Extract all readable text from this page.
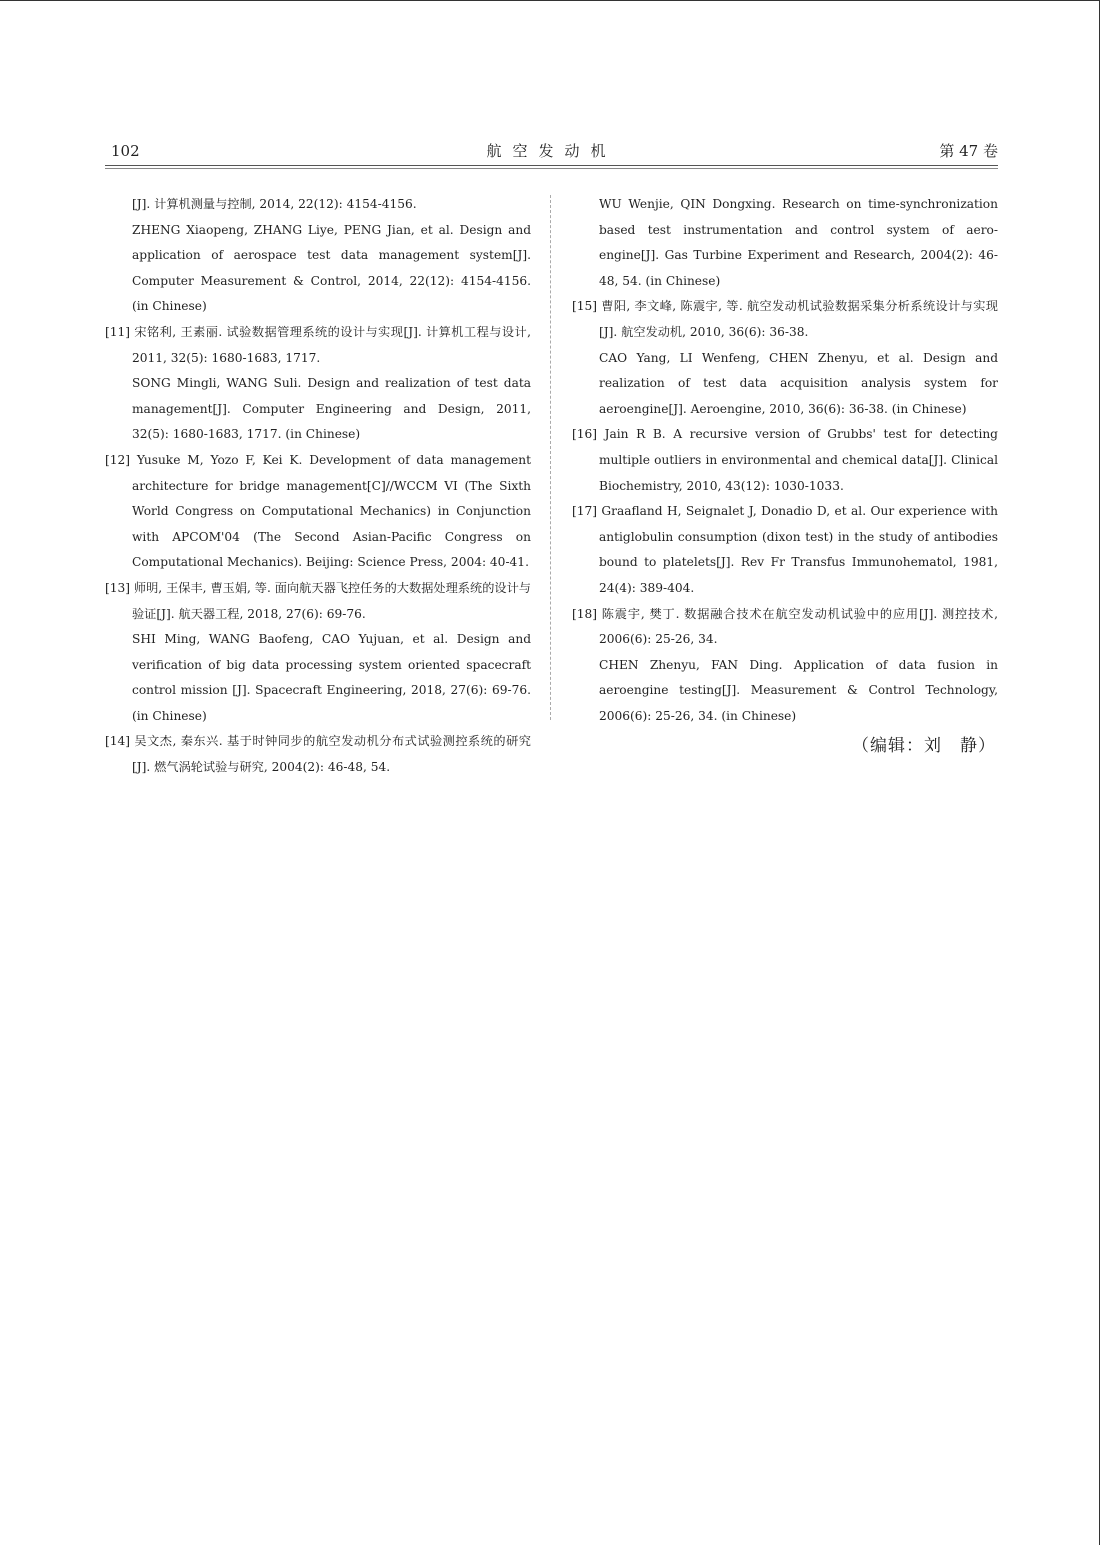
102	航空发动机	第 47 卷

[J]. 计算机测量与控制, 2014, 22(12): 4154-4156.

ZHENG Xiaopeng, ZHANG Liye, PENG Jian, et al. Design and application of aerospace test data management system[J]. Computer Measurement & Control, 2014, 22(12): 4154-4156. (in Chinese)

[11] 宋铭利, 王素丽. 试验数据管理系统的设计与实现[J]. 计算机工程与设计, 2011, 32(5): 1680-1683, 1717.

SONG Mingli, WANG Suli. Design and realization of test data management[J]. Computer Engineering and Design, 2011, 32(5): 1680-1683, 1717. (in Chinese)

[12] Yusuke M, Yozo F, Kei K. Development of data management architecture for bridge management[C]//WCCM VI (The Sixth World Congress on Computational Mechanics) in Conjunction with APCOM'04 (The Second Asian-Pacific Congress on Computational Mechanics). Beijing: Science Press, 2004: 40-41.

[13] 师明, 王保丰, 曹玉娟, 等. 面向航天器飞控任务的大数据处理系统的设计与验证[J]. 航天器工程, 2018, 27(6): 69-76.

SHI Ming, WANG Baofeng, CAO Yujuan, et al. Design and verification of big data processing system oriented spacecraft control mission [J]. Spacecraft Engineering, 2018, 27(6): 69-76. (in Chinese)

[14] 吴文杰, 秦东兴. 基于时钟同步的航空发动机分布式试验测控系统的研究[J]. 燃气涡轮试验与研究, 2004(2): 46-48, 54.

WU Wenjie, QIN Dongxing. Research on time-synchronization based test instrumentation and control system of aero-engine[J]. Gas Turbine Experiment and Research, 2004(2): 46-48, 54. (in Chinese)

[15] 曹阳, 李文峰, 陈震宇, 等. 航空发动机试验数据采集分析系统设计与实现[J]. 航空发动机, 2010, 36(6): 36-38.

CAO Yang, LI Wenfeng, CHEN Zhenyu, et al. Design and realization of test data acquisition analysis system for aeroengine[J]. Aeroengine, 2010, 36(6): 36-38. (in Chinese)

[16] Jain R B. A recursive version of Grubbs' test for detecting multiple outliers in environmental and chemical data[J]. Clinical Biochemistry, 2010, 43(12): 1030-1033.

[17] Graafland H, Seignalet J, Donadio D, et al. Our experience with antiglobulin consumption (dixon test) in the study of antibodies bound to platelets[J]. Rev Fr Transfus Immunohematol, 1981, 24(4): 389-404.

[18] 陈震宇, 樊丁. 数据融合技术在航空发动机试验中的应用[J]. 测控技术, 2006(6): 25-26, 34.

CHEN Zhenyu, FAN Ding. Application of data fusion in aeroengine testing[J]. Measurement & Control Technology, 2006(6): 25-26, 34. (in Chinese)

（编辑：刘　静）
